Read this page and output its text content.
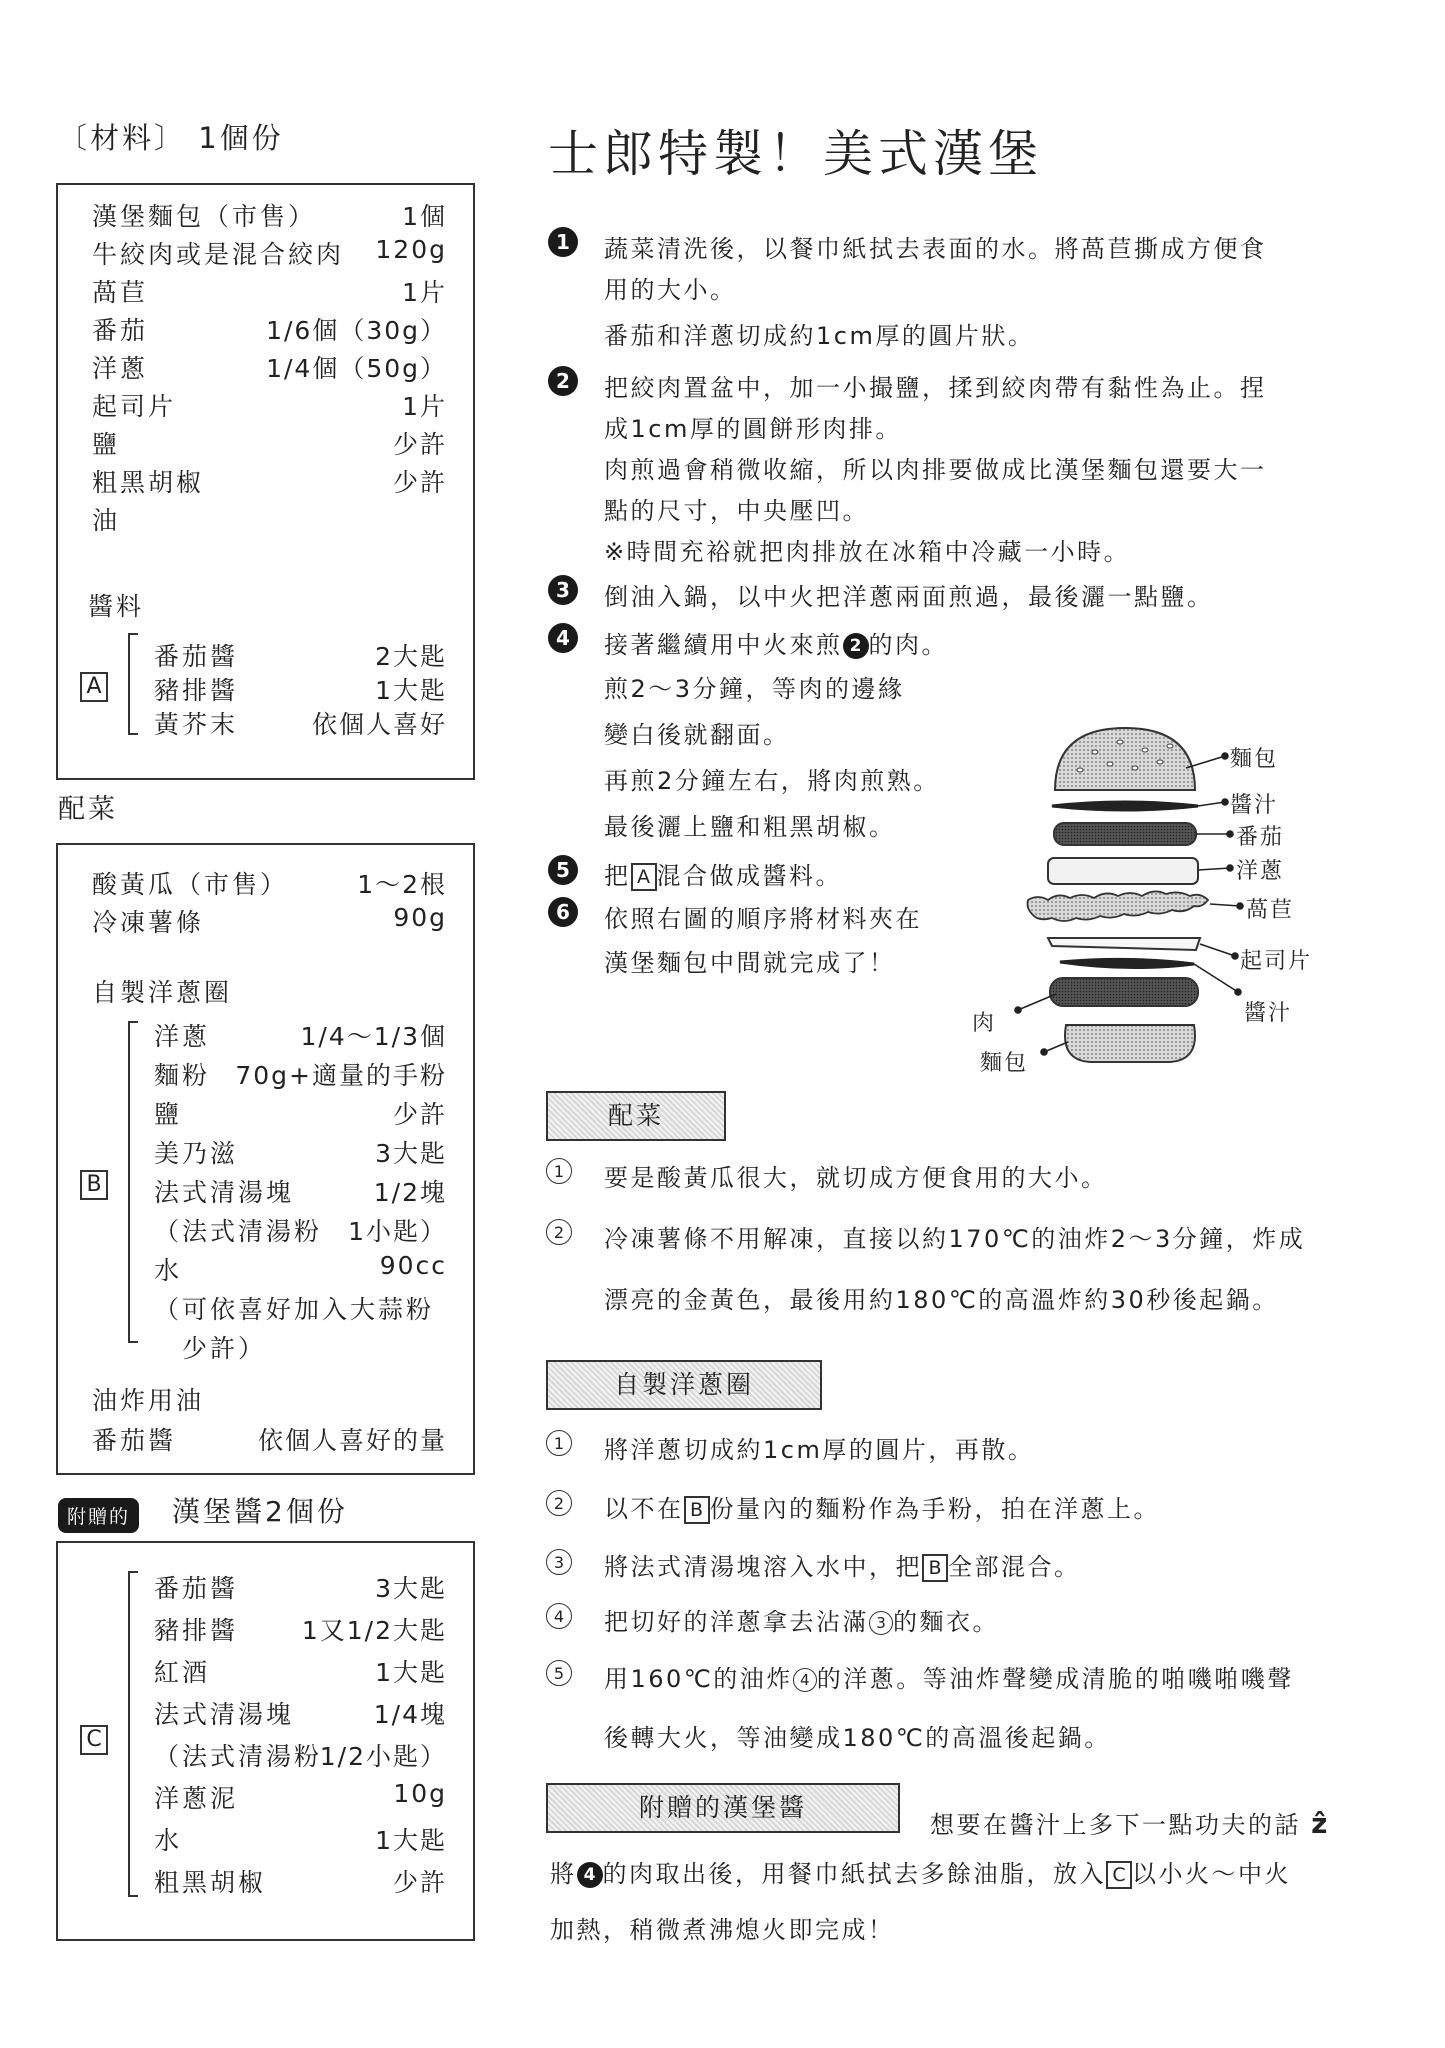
〔材料〕 1個份
漢堡麵包（市售）	1個
牛絞肉或是混合絞肉 120g
萵苣	1片
番茄	1/6個（30g）
洋蔥	1/4個（50g）
起司片	1片
鹽	少許
粗黑胡椒	少許
油
醬料
A
番茄醬	2大匙
豬排醬	1大匙
黃芥末	依個人喜好
配菜
酸黃瓜（市售）	1〜2根
冷凍薯條	90g
自製洋蔥圈
B
洋蔥	1/4〜1/3個
麵粉 70g+適量的手粉
鹽	少許
美乃滋	3大匙
法式清湯塊	1/2塊
（法式清湯粉 1小匙）
水	90cc
（可依喜好加入大蒜粉
　少許）
油炸用油
番茄醬	依個人喜好的量
附贈的	漢堡醬2個份
C
番茄醬	3大匙
豬排醬	1又1/2大匙
紅酒	1大匙
法式清湯塊	1/4塊
（法式清湯粉
1/2小匙）
洋蔥泥	10g
水	1大匙
粗黑胡椒	少許
士郎特製！美式漢堡
1	蔬菜清洗後，以餐巾紙拭去表面的水。將萵苣撕成方便食
用的大小。
番茄和洋蔥切成約1cm厚的圓片狀。
2	把絞肉置盆中，加一小撮鹽，揉到絞肉帶有黏性為止。捏
成1cm厚的圓餅形肉排。
肉煎過會稍微收縮，所以肉排要做成比漢堡麵包還要大一
點的尺寸，中央壓凹。
※時間充裕就把肉排放在冰箱中冷藏一小時。
3	倒油入鍋，以中火把洋蔥兩面煎過，最後灑一點鹽。
4	接著繼續用中火來煎 2 的肉。
煎2〜3分鐘，等肉的邊緣
變白後就翻面。
再煎2分鐘左右，將肉煎熟。
最後灑上鹽和粗黑胡椒。
5	把 A 混合做成醬料。
6	依照右圖的順序將材料夾在
漢堡麵包中間就完成了！
麵包
醬汁
番茄
洋蔥
萵苣
起司片
醬汁
肉
麵包
配菜
1	要是酸黃瓜很大，就切成方便食用的大小。
2	冷凍薯條不用解凍，直接以約170℃的油炸2〜3分鐘，炸成
漂亮的金黃色，最後用約180℃的高溫炸約30秒後起鍋。
自製洋蔥圈
1	將洋蔥切成約1cm厚的圓片，再散。
2	以不在 B 份量內的麵粉作為手粉，拍在洋蔥上。
3	將法式清湯塊溶入水中，把 B 全部混合。
4	把切好的洋蔥拿去沾滿 3 的麵衣。
5	用160℃的油炸 4 的洋蔥。等油炸聲變成清脆的啪嘰啪嘰聲
後轉大火，等油變成180℃的高溫後起鍋。
附贈的漢堡醬
想要在醬汁上多下一點功夫的話 ẑ
將 4 的肉取出後，用餐巾紙拭去多餘油脂，放入 C 以小火〜中火
加熱，稍微煮沸熄火即完成！
